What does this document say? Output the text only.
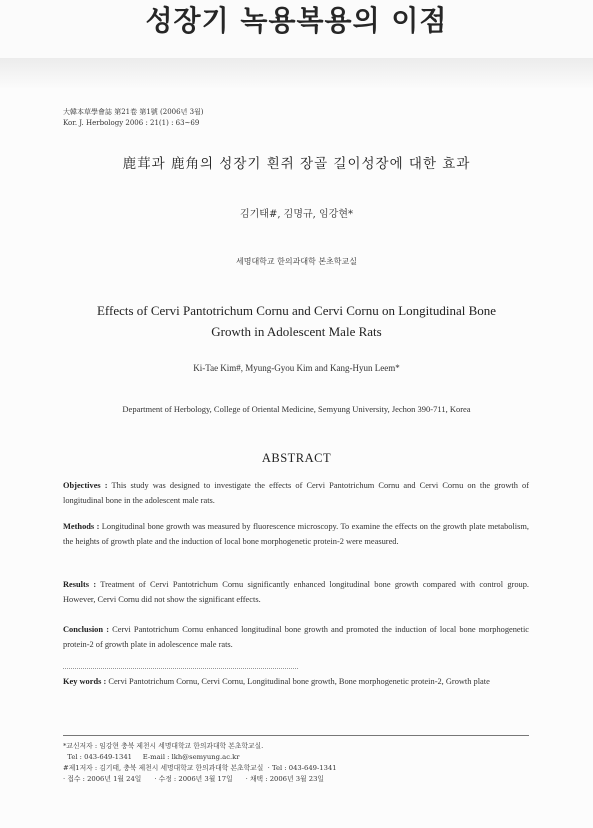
성장기 녹용복용의 이점
大韓本草學會誌 第21卷 第1號 (2006년 3월)
Kor. J. Herbology 2006 : 21(1) : 63~69
鹿茸과 鹿角의 성장기 흰쥐 장골 길이성장에 대한 효과
김기태#, 김명규, 임강현*
세명대학교 한의과대학 본초학교실
Effects of Cervi Pantotrichum Cornu and Cervi Cornu on Longitudinal Bone
Growth in Adolescent Male Rats
Ki-Tae Kim#, Myung-Gyou Kim and Kang-Hyun Leem*
Department of Herbology, College of Oriental Medicine, Semyung University, Jechon 390-711, Korea
ABSTRACT
Objectives : This study was designed to investigate the effects of Cervi Pantotrichum Cornu and Cervi Cornu on the growth of longitudinal bone in the adolescent male rats.
Methods : Longitudinal bone growth was measured by fluorescence microscopy. To examine the effects on the growth plate metabolism, the heights of growth plate and the induction of local bone morphogenetic protein-2 were measured.
Results : Treatment of Cervi Pantotrichum Cornu significantly enhanced longitudinal bone growth compared with control group. However, Cervi Cornu did not show the significant effects.
Conclusion : Cervi Pantotrichum Cornu enhanced longitudinal bone growth and promoted the induction of local bone morphogenetic protein-2 of growth plate in adolescence male rats.
Key words : Cervi Pantotrichum Cornu, Cervi Cornu, Longitudinal bone growth, Bone morphogenetic protein-2, Growth plate
*교신저자 : 임강현 충북 제천시 세명대학교 한의과대학 본초학교실.
Tel : 043-649-1341     E-mail : lkh@semyung.ac.kr
#제1저자 : 김기태, 충북 제천시 세명대학교 한의과대학 본초학교실  · Tel : 043-649-1341
· 접수 : 2006년 1월 24일      · 수정 : 2006년 3월 17일      · 채택 : 2006년 3월 23일
